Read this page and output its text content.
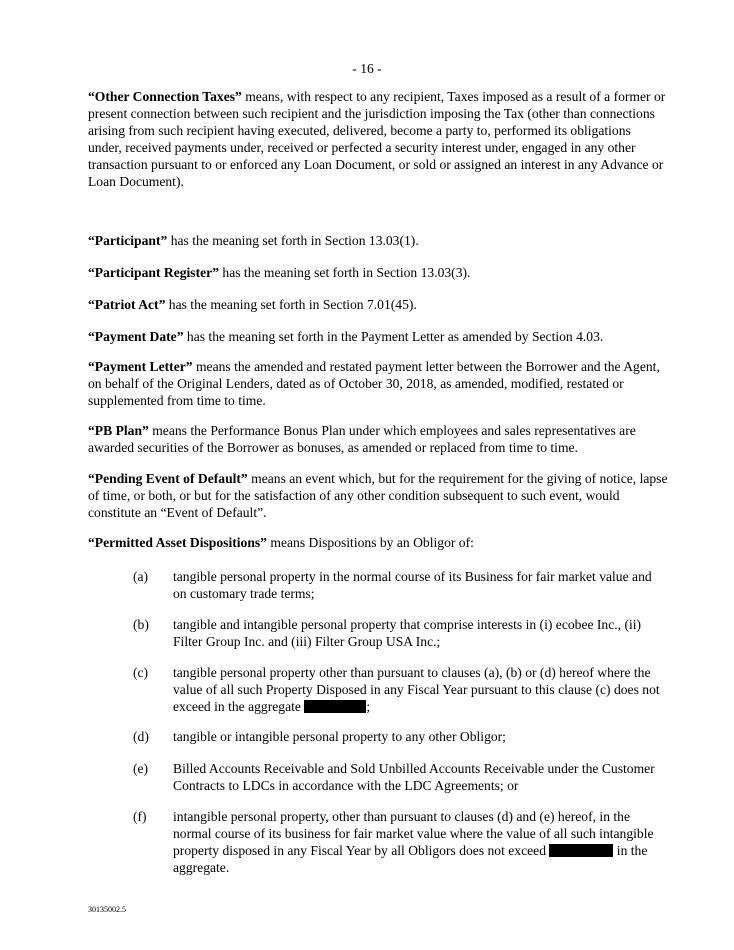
- 16 -

“Other Connection Taxes” means, with respect to any recipient, Taxes imposed as a result of a former or present connection between such recipient and the jurisdiction imposing the Tax (other than connections arising from such recipient having executed, delivered, become a party to, performed its obligations under, received payments under, received or perfected a security interest under, engaged in any other transaction pursuant to or enforced any Loan Document, or sold or assigned an interest in any Advance or Loan Document).

“Participant” has the meaning set forth in Section 13.03(1).

“Participant Register” has the meaning set forth in Section 13.03(3).

“Patriot Act” has the meaning set forth in Section 7.01(45).

“Payment Date” has the meaning set forth in the Payment Letter as amended by Section 4.03.

“Payment Letter” means the amended and restated payment letter between the Borrower and the Agent, on behalf of the Original Lenders, dated as of October 30, 2018, as amended, modified, restated or supplemented from time to time.

“PB Plan” means the Performance Bonus Plan under which employees and sales representatives are awarded securities of the Borrower as bonuses, as amended or replaced from time to time.

“Pending Event of Default” means an event which, but for the requirement for the giving of notice, lapse of time, or both, or but for the satisfaction of any other condition subsequent to such event, would constitute an “Event of Default”.

“Permitted Asset Dispositions” means Dispositions by an Obligor of:

(a)	tangible personal property in the normal course of its Business for fair market value and on customary trade terms;
(b)	tangible and intangible personal property that comprise interests in (i) ecobee Inc., (ii) Filter Group Inc. and (iii) Filter Group USA Inc.;
(c)	tangible personal property other than pursuant to clauses (a), (b) or (d) hereof where the value of all such Property Disposed in any Fiscal Year pursuant to this clause (c) does not exceed in the aggregate	;
(d)	tangible or intangible personal property to any other Obligor;
(e)	Billed Accounts Receivable and Sold Unbilled Accounts Receivable under the Customer Contracts to LDCs in accordance with the LDC Agreements; or
(f)	intangible personal property, other than pursuant to clauses (d) and (e) hereof, in the normal course of its business for fair market value where the value of all such intangible property disposed in any Fiscal Year by all Obligors does not exceed	in the aggregate.
30135002.5
